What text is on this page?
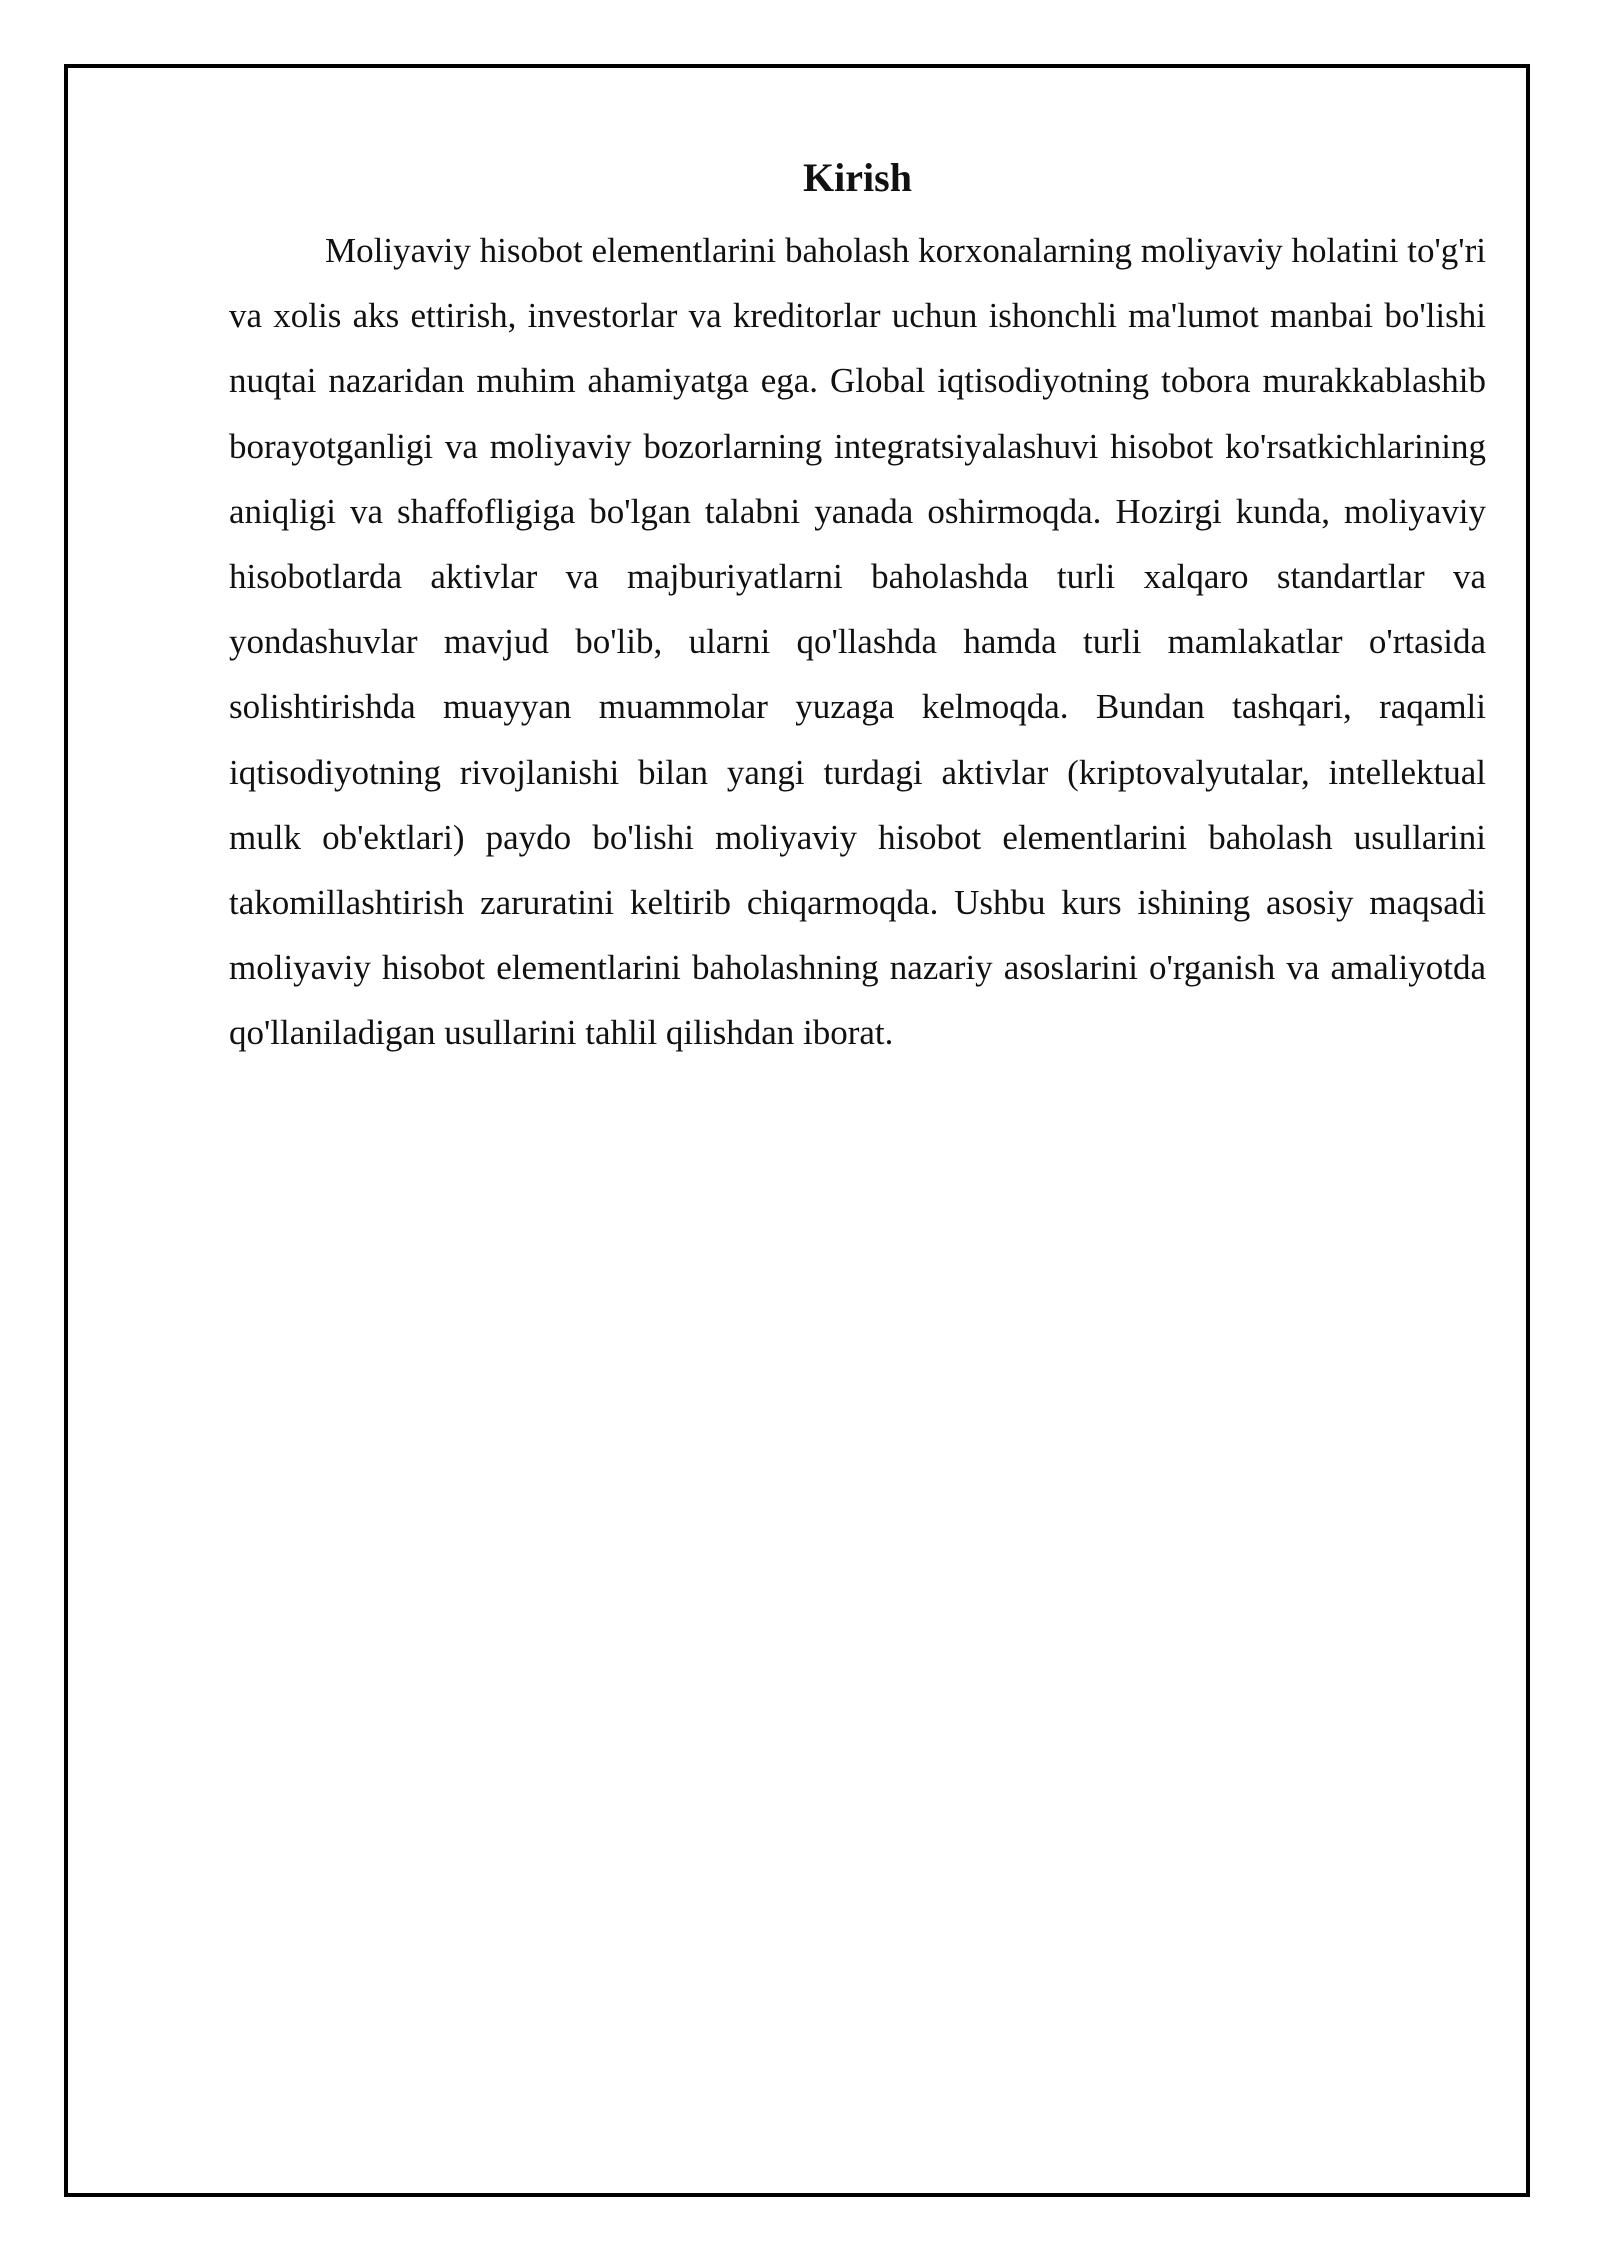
Kirish

Moliyaviy hisobot elementlarini baholash korxonalarning moliyaviy holatini to'g'ri va xolis aks ettirish, investorlar va kreditorlar uchun ishonchli ma'lumot manbai bo'lishi nuqtai nazaridan muhim ahamiyatga ega. Global iqtisodiyotning tobora murakkablashib borayotganligi va moliyaviy bozorlarning integratsiyalashuvi hisobot ko'rsatkichlarining aniqligi va shaffofligiga bo'lgan talabni yanada oshirmoqda. Hozirgi kunda, moliyaviy hisobotlarda aktivlar va majburiyatlarni baholashda turli xalqaro standartlar va yondashuvlar mavjud bo'lib, ularni qo'llashda hamda turli mamlakatlar o'rtasida solishtirishda muayyan muammolar yuzaga kelmoqda. Bundan tashqari, raqamli iqtisodiyotning rivojlanishi bilan yangi turdagi aktivlar (kriptovalyutalar, intellektual mulk ob'ektlari) paydo bo'lishi moliyaviy hisobot elementlarini baholash usullarini takomillashtirish zaruratini keltirib chiqarmoqda. Ushbu kurs ishining asosiy maqsadi moliyaviy hisobot elementlarini baholashning nazariy asoslarini o'rganish va amaliyotda qo'llaniladigan usullarini tahlil qilishdan iborat.
